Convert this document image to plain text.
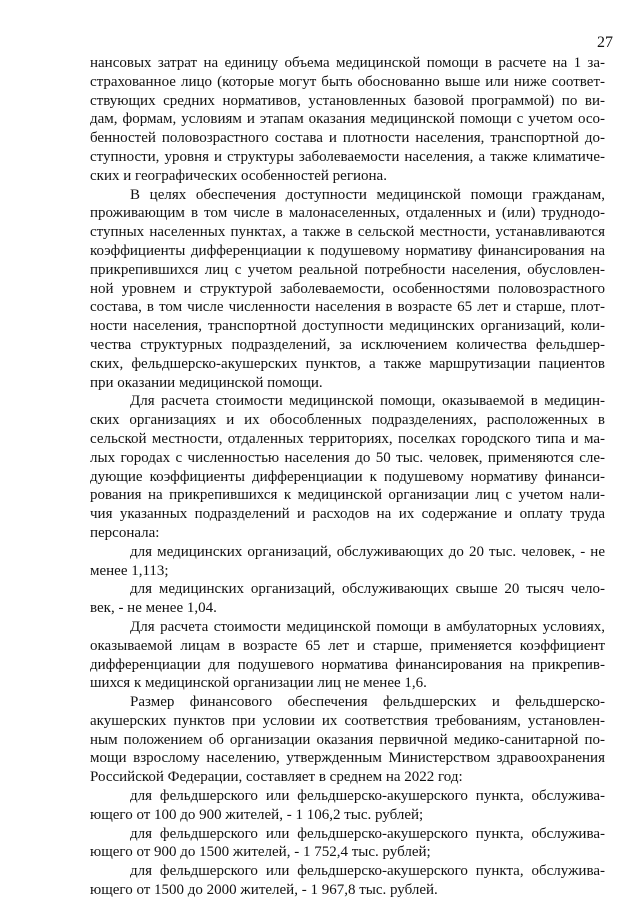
27
нансовых затрат на единицу объема медицинской помощи в расчете на 1 за-
страхованное лицо (которые могут быть обоснованно выше или ниже соответ-
ствующих средних нормативов, установленных базовой программой) по ви-
дам, формам, условиям и этапам оказания медицинской помощи с учетом осо-
бенностей половозрастного состава и плотности населения, транспортной до-
ступности, уровня и структуры заболеваемости населения, а также климатиче-
ских и географических особенностей региона.
В целях обеспечения доступности медицинской помощи гражданам,
проживающим в том числе в малонаселенных, отдаленных и (или) труднодо-
ступных населенных пунктах, а также в сельской местности, устанавливаются
коэффициенты дифференциации к подушевому нормативу финансирования на
прикрепившихся лиц с учетом реальной потребности населения, обусловлен-
ной уровнем и структурой заболеваемости, особенностями половозрастного
состава, в том числе численности населения в возрасте 65 лет и старше, плот-
ности населения, транспортной доступности медицинских организаций, коли-
чества структурных подразделений, за исключением количества фельдшер-
ских, фельдшерско-акушерских пунктов, а также маршрутизации пациентов
при оказании медицинской помощи.
Для расчета стоимости медицинской помощи, оказываемой в медицин-
ских организациях и их обособленных подразделениях, расположенных в
сельской местности, отдаленных территориях, поселках городского типа и ма-
лых городах с численностью населения до 50 тыс. человек, применяются сле-
дующие коэффициенты дифференциации к подушевому нормативу финанси-
рования на прикрепившихся к медицинской организации лиц с учетом нали-
чия указанных подразделений и расходов на их содержание и оплату труда
персонала:
для медицинских организаций, обслуживающих до 20 тыс. человек, - не
менее 1,113;
для медицинских организаций, обслуживающих свыше 20 тысяч чело-
век, - не менее 1,04.
Для расчета стоимости медицинской помощи в амбулаторных условиях,
оказываемой лицам в возрасте 65 лет и старше, применяется коэффициент
дифференциации для подушевого норматива финансирования на прикрепив-
шихся к медицинской организации лиц не менее 1,6.
Размер финансового обеспечения фельдшерских и фельдшерско-
акушерских пунктов при условии их соответствия требованиям, установлен-
ным положением об организации оказания первичной медико-санитарной по-
мощи взрослому населению, утвержденным Министерством здравоохранения
Российской Федерации, составляет в среднем на 2022 год:
для фельдшерского или фельдшерско-акушерского пункта, обслужива-
ющего от 100 до 900 жителей, - 1 106,2 тыс. рублей;
для фельдшерского или фельдшерско-акушерского пункта, обслужива-
ющего от 900 до 1500 жителей, - 1 752,4 тыс. рублей;
для фельдшерского или фельдшерско-акушерского пункта, обслужива-
ющего от 1500 до 2000 жителей, - 1 967,8 тыс. рублей.
